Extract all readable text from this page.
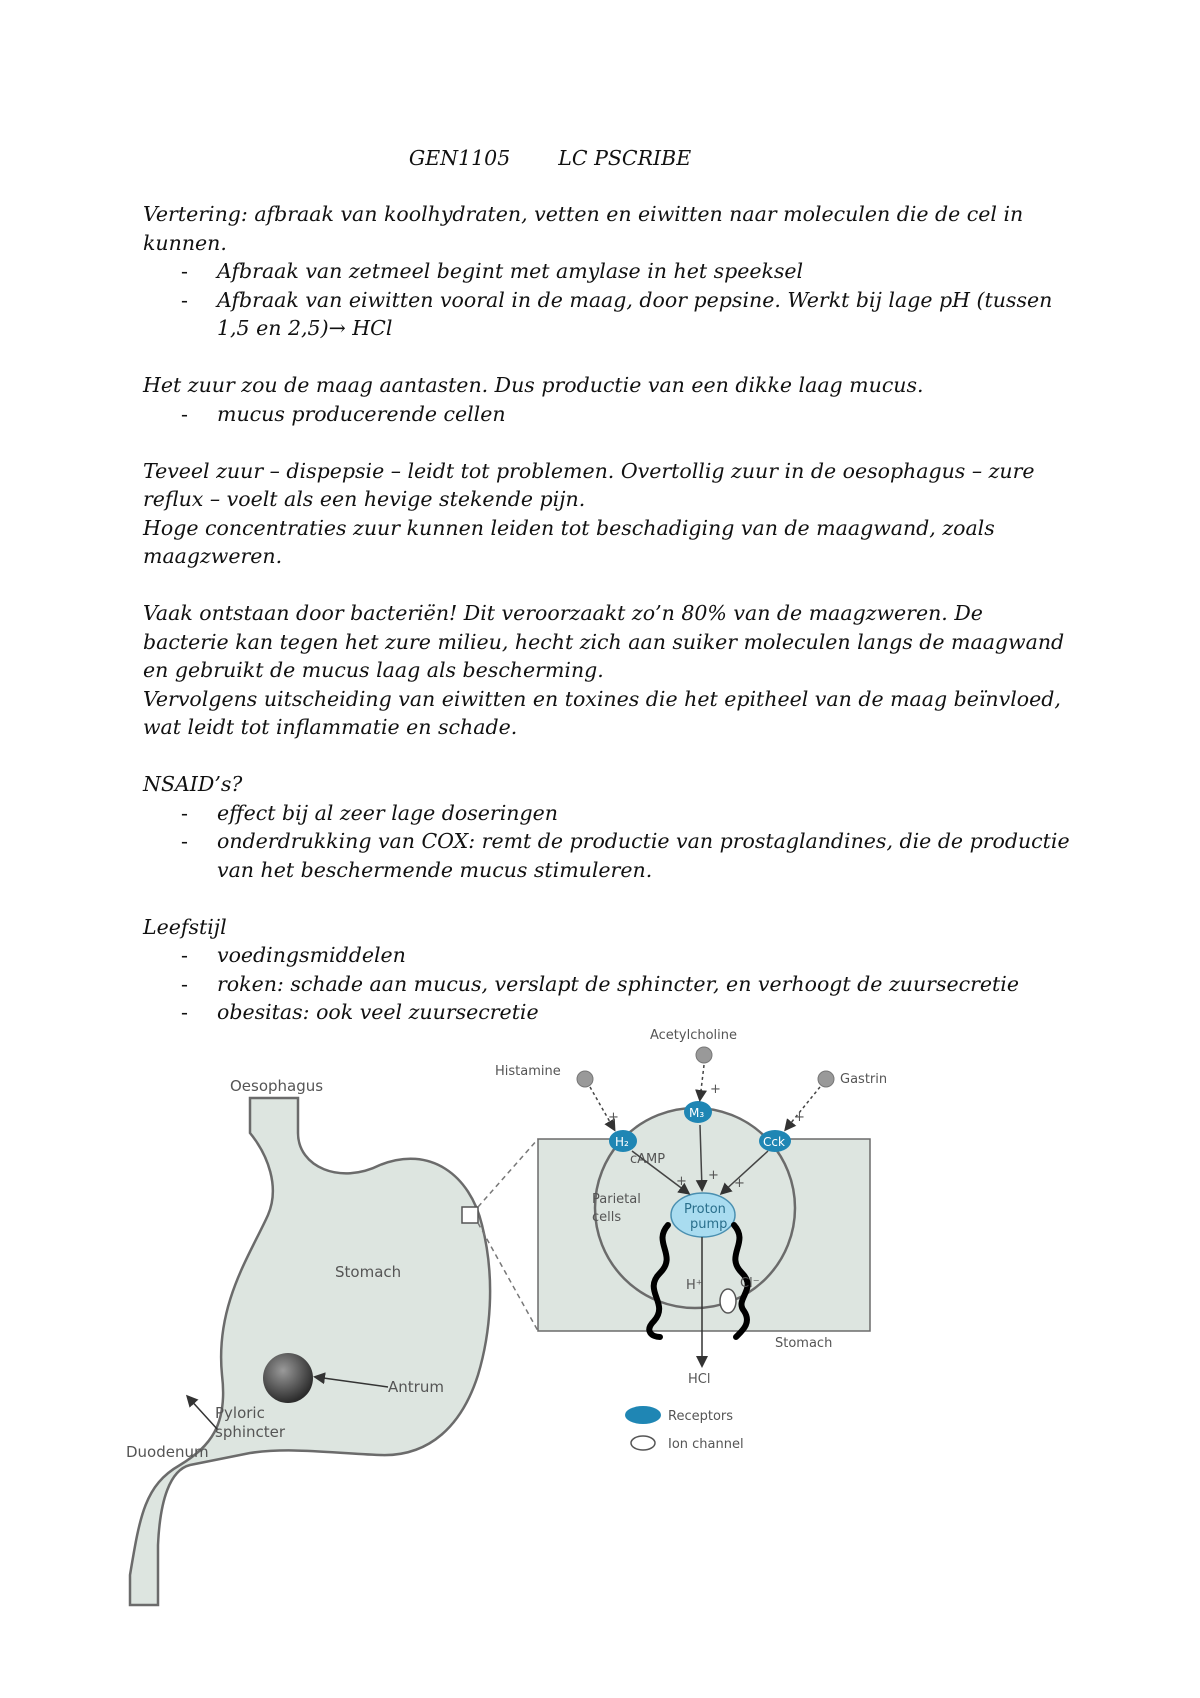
GEN1105 LC PSCRIBE

Vertering: afbraak van koolhydraten, vetten en eiwitten naar moleculen die de cel in kunnen.

- Afbraak van zetmeel begint met amylase in het speeksel
- Afbraak van eiwitten vooral in de maag, door pepsine. Werkt bij lage pH (tussen 1,5 en 2,5)→ HCl

Het zuur zou de maag aantasten. Dus productie van een dikke laag mucus.

- mucus producerende cellen

Teveel zuur – dispepsie – leidt tot problemen. Overtollig zuur in de oesophagus – zure reflux – voelt als een hevige stekende pijn.

Hoge concentraties zuur kunnen leiden tot beschadiging van de maagwand, zoals maagzweren.

Vaak ontstaan door bacteriën! Dit veroorzaakt zo’n 80% van de maagzweren. De bacterie kan tegen het zure milieu, hecht zich aan suiker moleculen langs de maagwand en gebruikt de mucus laag als bescherming.

Vervolgens uitscheiding van eiwitten en toxines die het epitheel van de maag beïnvloed, wat leidt tot inflammatie en schade.

NSAID’s?

- effect bij al zeer lage doseringen
- onderdrukking van COX: remt de productie van prostaglandines, die de productie van het beschermende mucus stimuleren.

Leefstijl

- voedingsmiddelen
- roken: schade aan mucus, verslapt de sphincter, en verhoogt de zuursecretie
- obesitas: ook veel zuursecretie
Oesophagus
Stomach
Antrum
Pyloric
sphincter
Duodenum
Parietal
cells
cAMP
Proton
pump
H⁺	Cl⁻
HCl
Stomach
M₃
H₂	Cck
Acetylcholine
Histamine
Gastrin
+
+
+
+ +
+
Receptors
Ion channel
